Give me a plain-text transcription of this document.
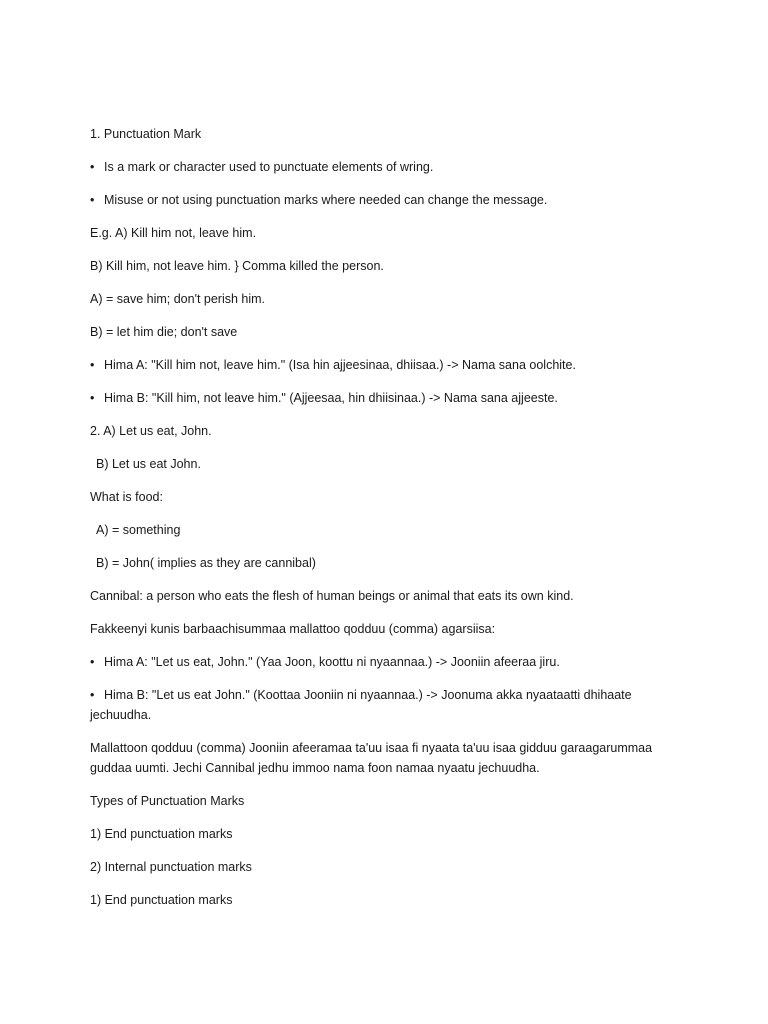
1. Punctuation Mark

• Is a mark or character used to punctuate elements of wring.

• Misuse or not using punctuation marks where needed can change the message.

E.g. A) Kill him not, leave him.

B) Kill him, not leave him. } Comma killed the person.

A) = save him; don't perish him.

B) = let him die; don't save

• Hima A: "Kill him not, leave him." (Isa hin ajjeesinaa, dhiisaa.) -> Nama sana oolchite.

• Hima B: "Kill him, not leave him." (Ajjeesaa, hin dhiisinaa.) -> Nama sana ajjeeste.

2. A) Let us eat, John.

B) Let us eat John.

What is food:

A) = something

B) = John( implies as they are cannibal)

Cannibal: a person who eats the flesh of human beings or animal that eats its own kind.

Fakkeenyi kunis barbaachisummaa mallattoo qodduu (comma) agarsiisa:

• Hima A: "Let us eat, John." (Yaa Joon, koottu ni nyaannaa.) -> Jooniin afeeraa jiru.

• Hima B: "Let us eat John." (Koottaa Jooniin ni nyaannaa.) -> Joonuma akka nyaataatti dhihaate jechuudha.

Mallattoon qodduu (comma) Jooniin afeeramaa ta'uu isaa fi nyaata ta'uu isaa gidduu garaagarummaa guddaa uumti. Jechi Cannibal jedhu immoo nama foon namaa nyaatu jechuudha.

Types of Punctuation Marks

1) End punctuation marks

2) Internal punctuation marks

1) End punctuation marks
